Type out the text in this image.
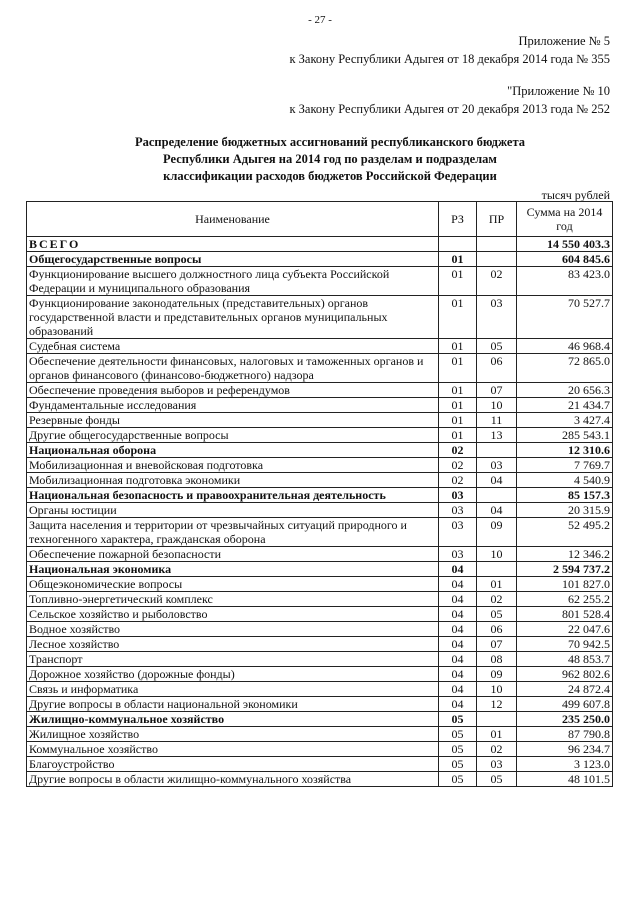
- 27 -
Приложение № 5
к Закону Республики Адыгея от 18 декабря 2014 года № 355
"Приложение № 10
к Закону Республики Адыгея от 20 декабря 2013 года № 252
Распределение бюджетных ассигнований республиканского бюджета
Республики Адыгея на 2014 год по разделам и подразделам
классификации расходов бюджетов Российской Федерации
тысяч рублей
Наименование	РЗ	ПР	Сумма на 2014 год
ВСЕГО			14 550 403.3
Общегосударственные вопросы	01		604 845.6
Функционирование высшего должностного лица субъекта Российской Федерации и муниципального образования	01	02	83 423.0
Функционирование законодательных (представительных) органов государственной власти и представительных органов муниципальных образований	01	03	70 527.7
Судебная система	01	05	46 968.4
Обеспечение деятельности финансовых, налоговых и таможенных органов и органов финансового (финансово-бюджетного) надзора	01	06	72 865.0
Обеспечение проведения выборов и референдумов	01	07	20 656.3
Фундаментальные исследования	01	10	21 434.7
Резервные фонды	01	11	3 427.4
Другие общегосударственные вопросы	01	13	285 543.1
Национальная оборона	02		12 310.6
Мобилизационная и вневойсковая подготовка	02	03	7 769.7
Мобилизационная подготовка экономики	02	04	4 540.9
Национальная безопасность и правоохранительная деятельность	03		85 157.3
Органы юстиции	03	04	20 315.9
Защита населения и территории от чрезвычайных ситуаций природного и техногенного характера, гражданская оборона	03	09	52 495.2
Обеспечение пожарной безопасности	03	10	12 346.2
Национальная экономика	04		2 594 737.2
Общеэкономические вопросы	04	01	101 827.0
Топливно-энергетический комплекс	04	02	62 255.2
Сельское хозяйство и рыболовство	04	05	801 528.4
Водное хозяйство	04	06	22 047.6
Лесное хозяйство	04	07	70 942.5
Транспорт	04	08	48 853.7
Дорожное хозяйство (дорожные фонды)	04	09	962 802.6
Связь и информатика	04	10	24 872.4
Другие вопросы в области национальной экономики	04	12	499 607.8
Жилищно-коммунальное хозяйство	05		235 250.0
Жилищное хозяйство	05	01	87 790.8
Коммунальное хозяйство	05	02	96 234.7
Благоустройство	05	03	3 123.0
Другие вопросы в области жилищно-коммунального хозяйства	05	05	48 101.5
